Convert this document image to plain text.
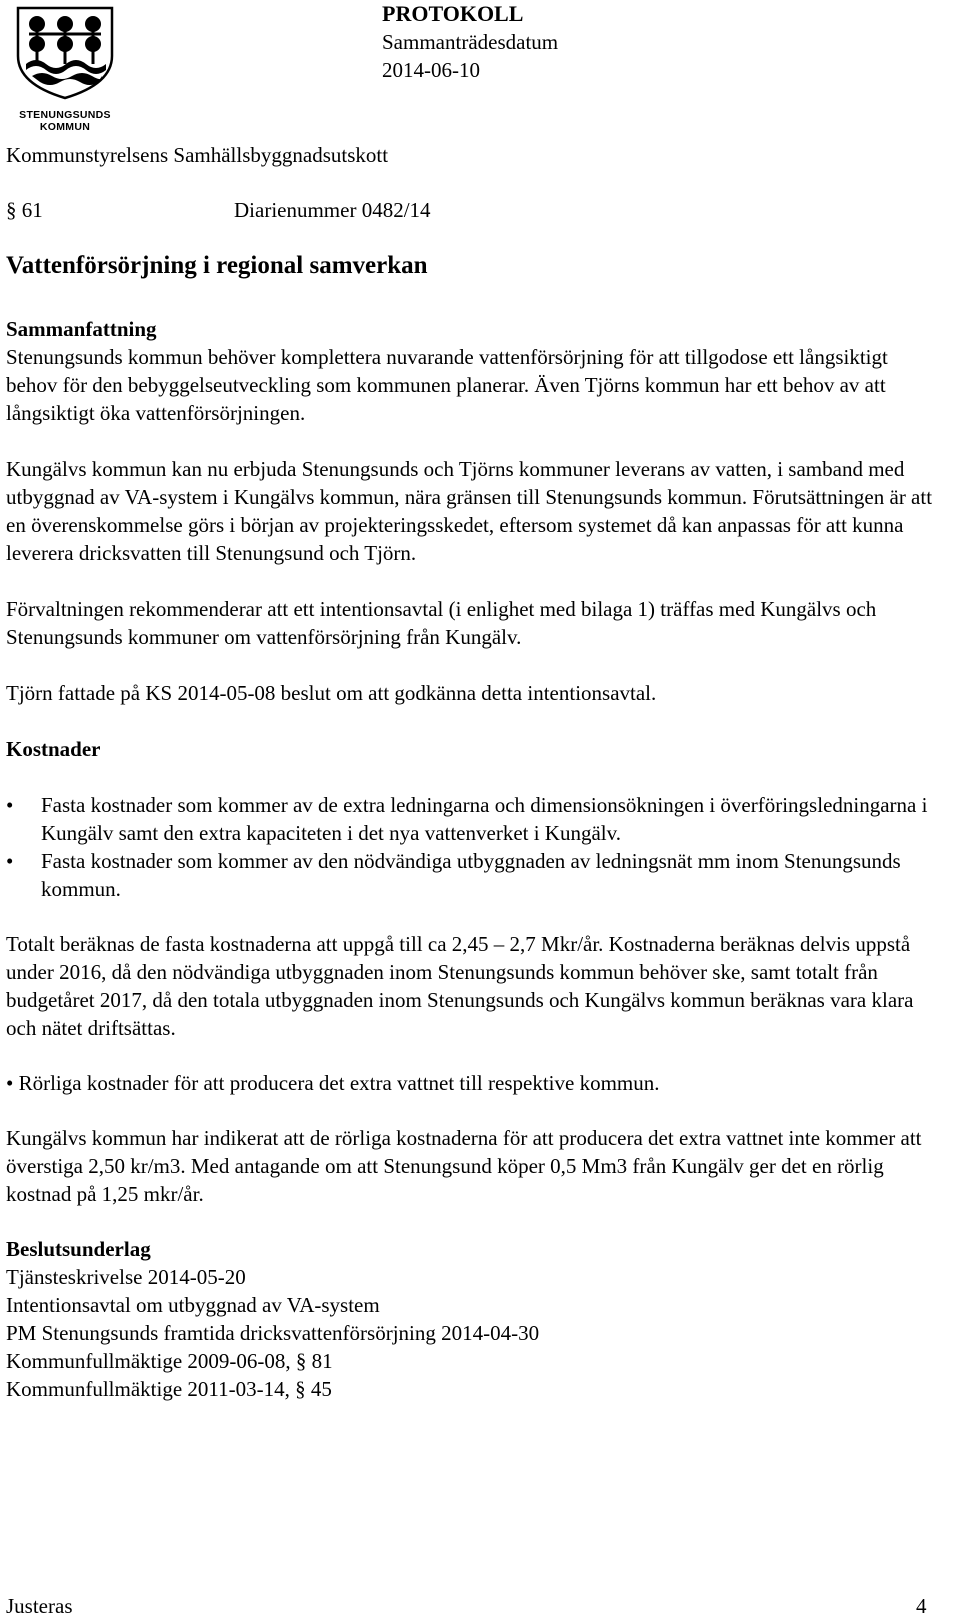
STENUNGSUNDS
KOMMUN
PROTOKOLL
Sammanträdesdatum
2014-06-10
Kommunstyrelsens Samhällsbyggnadsutskott
§ 61	Diarienummer 0482/14
Vattenförsörjning i regional samverkan

Sammanfattning

Stenungsunds kommun behöver komplettera nuvarande vattenförsörjning för att tillgodose ett långsiktigt behov för den bebyggelseutveckling som kommunen planerar. Även Tjörns kommun har ett behov av att långsiktigt öka vattenförsörjningen.

Kungälvs kommun kan nu erbjuda Stenungsunds och Tjörns kommuner leverans av vatten, i samband med utbyggnad av VA-system i Kungälvs kommun, nära gränsen till Stenungsunds kommun. Förutsättningen är att en överenskommelse görs i början av projekteringsskedet, eftersom systemet då kan anpassas för att kunna leverera dricksvatten till Stenungsund och Tjörn.

Förvaltningen rekommenderar att ett intentionsavtal (i enlighet med bilaga 1) träffas med Kungälvs och Stenungsunds kommuner om vattenförsörjning från Kungälv.

Tjörn fattade på KS 2014-05-08 beslut om att godkänna detta intentionsavtal.

Kostnader

• Fasta kostnader som kommer av de extra ledningarna och dimensionsökningen i överföringsledningarna i Kungälv samt den extra kapaciteten i det nya vattenverket i Kungälv.
• Fasta kostnader som kommer av den nödvändiga utbyggnaden av ledningsnät mm inom Stenungsunds kommun.

Totalt beräknas de fasta kostnaderna att uppgå till ca 2,45 – 2,7 Mkr/år. Kostnaderna beräknas delvis uppstå under 2016, då den nödvändiga utbyggnaden inom Stenungsunds kommun behöver ske, samt totalt från budgetåret 2017, då den totala utbyggnaden inom Stenungsunds och Kungälvs kommun beräknas vara klara och nätet driftsättas.

• Rörliga kostnader för att producera det extra vattnet till respektive kommun.

Kungälvs kommun har indikerat att de rörliga kostnaderna för att producera det extra vattnet inte kommer att överstiga 2,50 kr/m3. Med antagande om att Stenungsund köper 0,5 Mm3 från Kungälv ger det en rörlig kostnad på 1,25 mkr/år.

Beslutsunderlag

Tjänsteskrivelse 2014-05-20

Intentionsavtal om utbyggnad av VA-system

PM Stenungsunds framtida dricksvattenförsörjning 2014-04-30

Kommunfullmäktige 2009-06-08, § 81

Kommunfullmäktige 2011-03-14, § 45

Justeras	4
